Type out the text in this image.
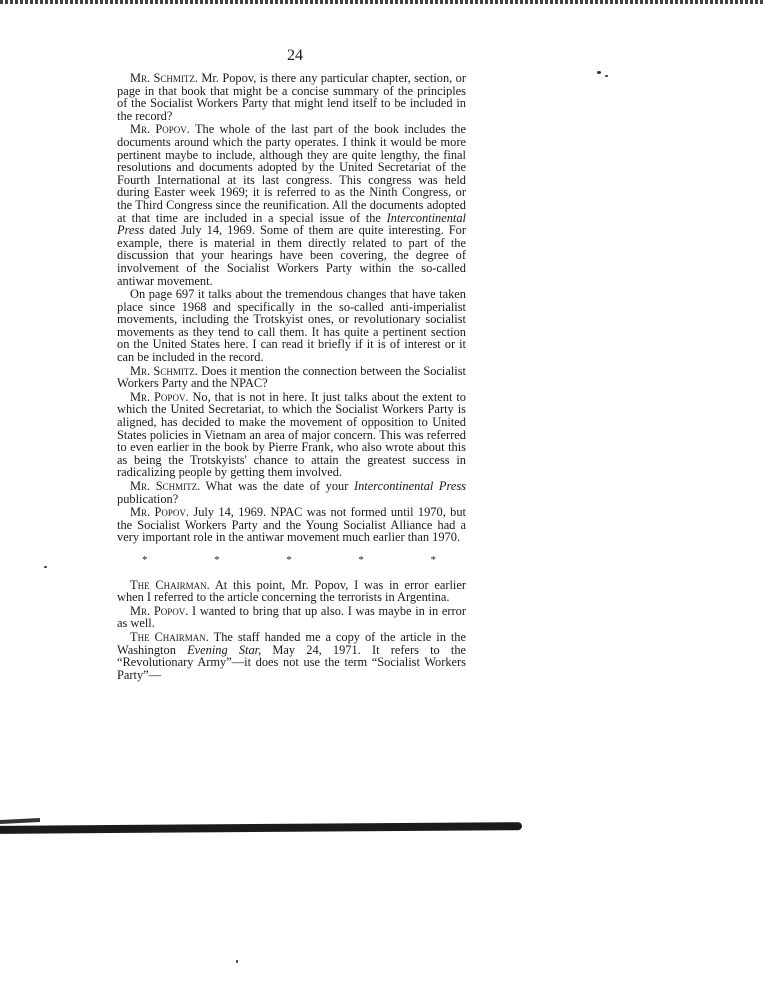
24

Mr. Schmitz. Mr. Popov, is there any particular chapter, section, or page in that book that might be a concise summary of the principles of the Socialist Workers Party that might lend itself to be included in the record?

Mr. Popov. The whole of the last part of the book includes the documents around which the party operates. I think it would be more pertinent maybe to include, although they are quite lengthy, the final resolutions and documents adopted by the United Secretariat of the Fourth International at its last congress. This congress was held during Easter week 1969; it is referred to as the Ninth Congress, or the Third Congress since the reunification. All the documents adopted at that time are included in a special issue of the Intercontinental Press dated July 14, 1969. Some of them are quite interesting. For example, there is material in them directly related to part of the discussion that your hearings have been covering, the degree of involvement of the Socialist Workers Party within the so-called antiwar movement.

On page 697 it talks about the tremendous changes that have taken place since 1968 and specifically in the so-called anti-imperialist movements, including the Trotskyist ones, or revolutionary socialist movements as they tend to call them. It has quite a pertinent section on the United States here. I can read it briefly if it is of interest or it can be included in the record.

Mr. Schmitz. Does it mention the connection between the Socialist Workers Party and the NPAC?

Mr. Popov. No, that is not in here. It just talks about the extent to which the United Secretariat, to which the Socialist Workers Party is aligned, has decided to make the movement of opposition to United States policies in Vietnam an area of major concern. This was referred to even earlier in the book by Pierre Frank, who also wrote about this as being the Trotskyists' chance to attain the greatest success in radicalizing people by getting them involved.

Mr. Schmitz. What was the date of your Intercontinental Press publication?

Mr. Popov. July 14, 1969. NPAC was not formed until 1970, but the Socialist Workers Party and the Young Socialist Alliance had a very important role in the antiwar movement much earlier than 1970.

*	*	*	*	*

The Chairman. At this point, Mr. Popov, I was in error earlier when I referred to the article concerning the terrorists in Argentina.

Mr. Popov. I wanted to bring that up also. I was maybe in in error as well.

The Chairman. The staff handed me a copy of the article in the Washington Evening Star, May 24, 1971. It refers to the “Revolutionary Army”—it does not use the term “Socialist Workers Party”—
